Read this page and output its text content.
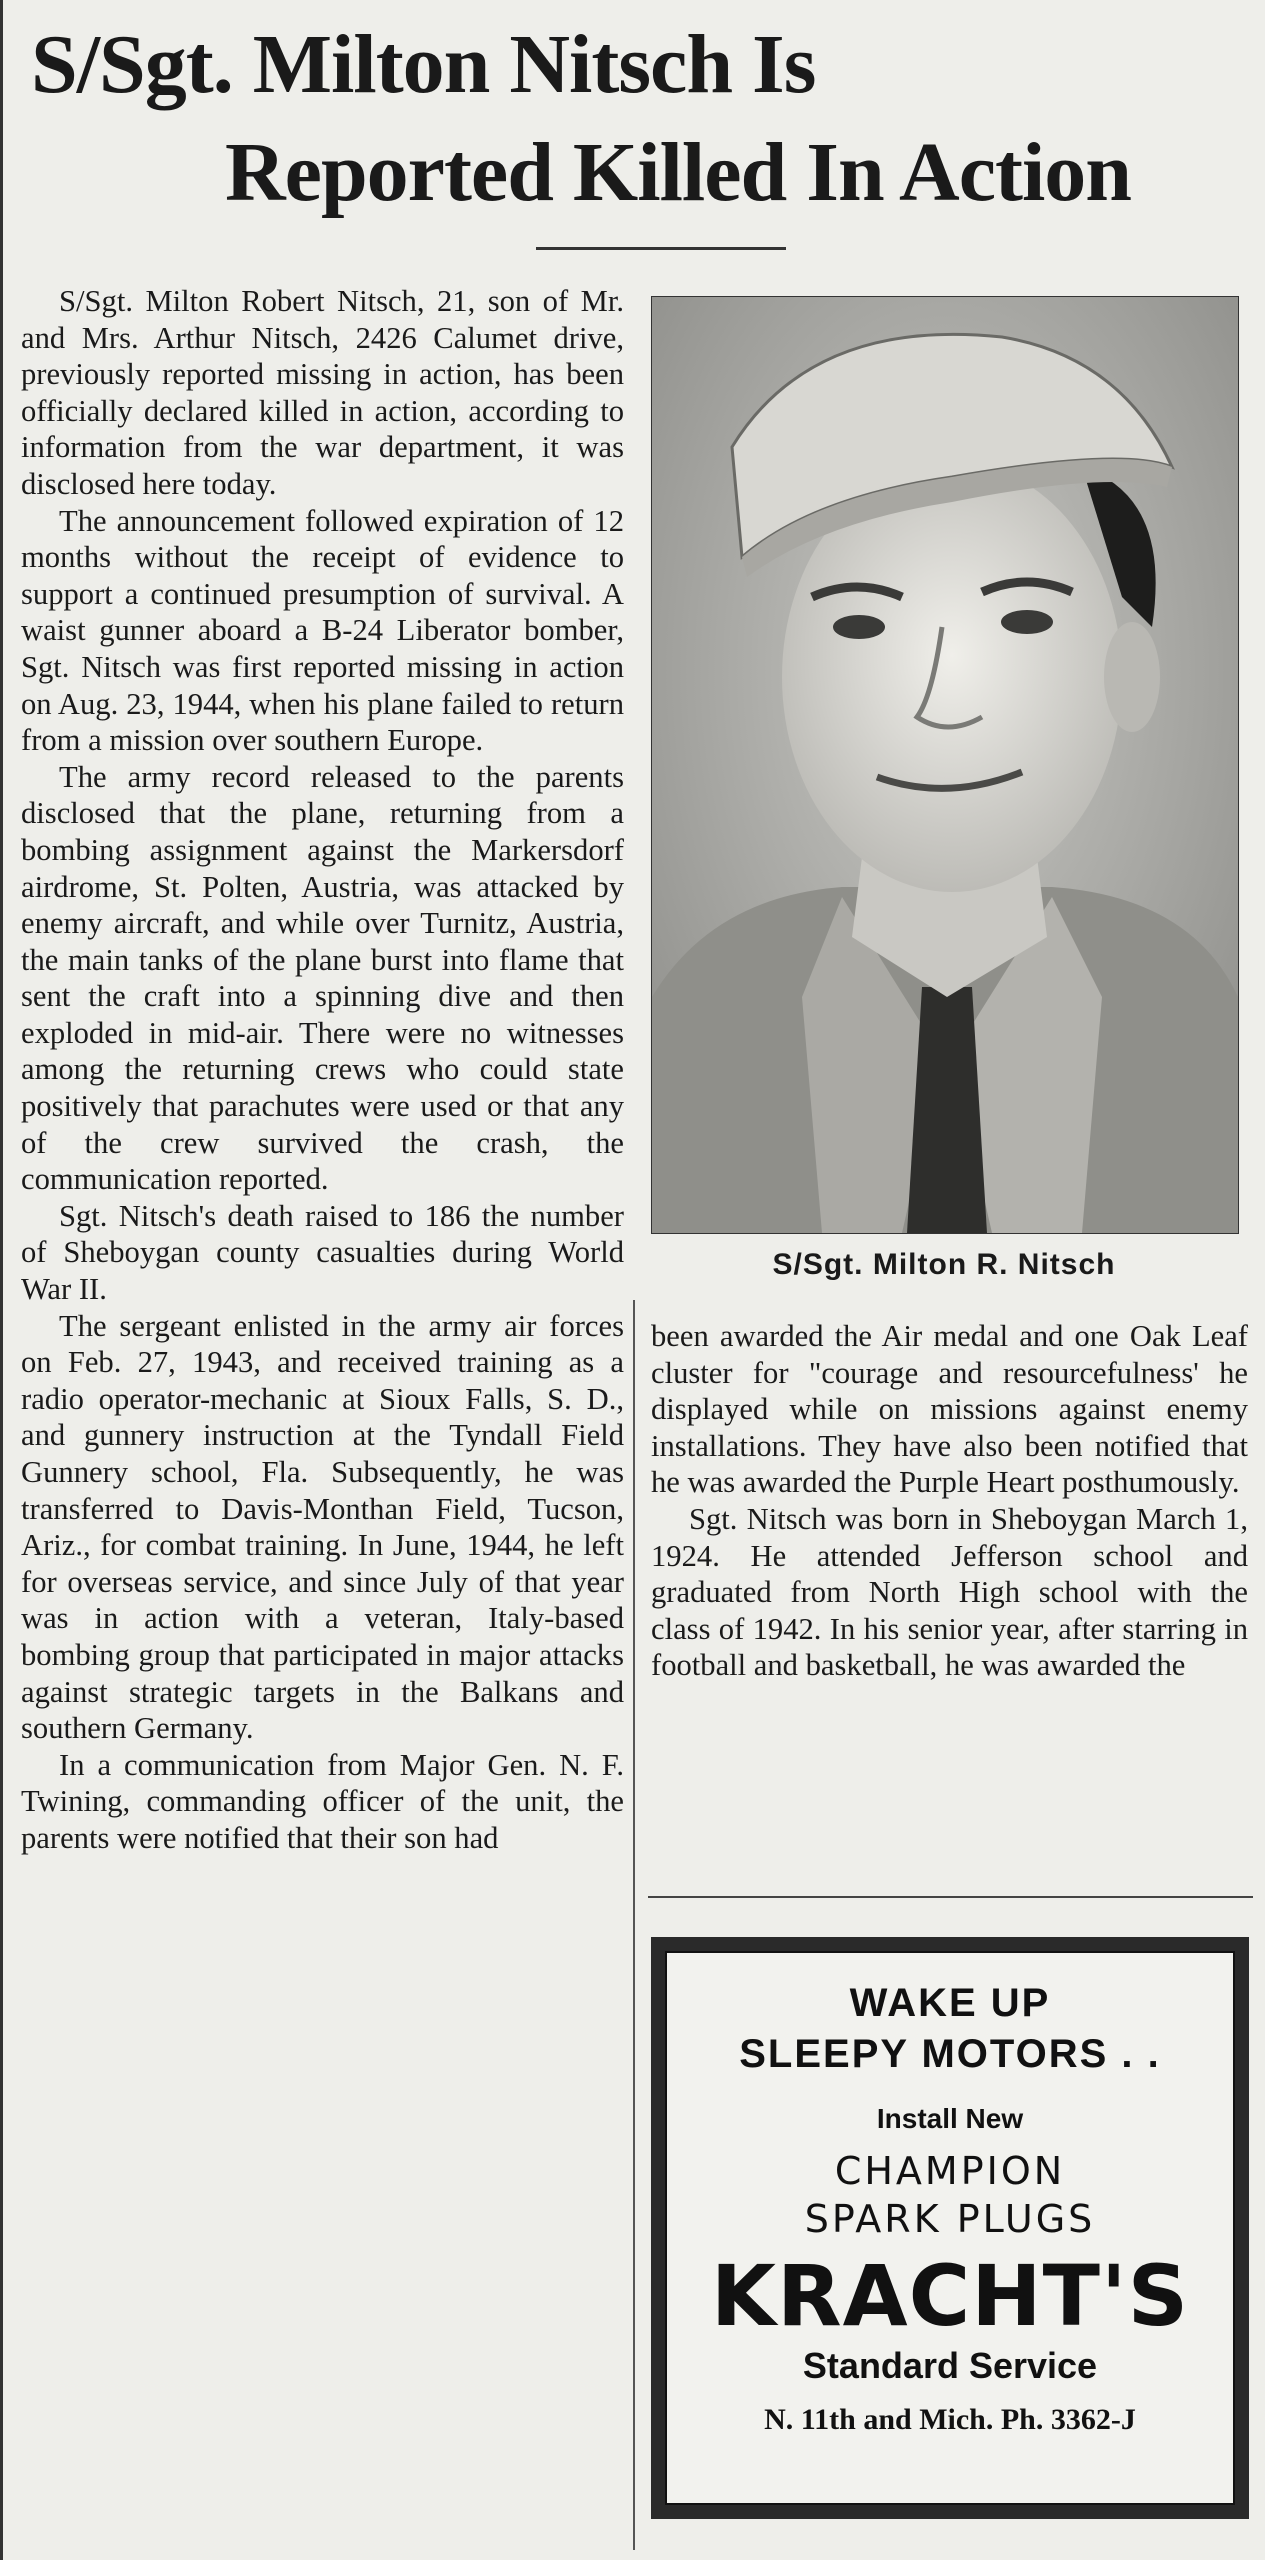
S/Sgt. Milton Nitsch Is
Reported Killed In Action

S/Sgt. Milton Robert Nitsch, 21, son of Mr. and Mrs. Arthur Nitsch, 2426 Calumet drive, previously reported missing in action, has been officially declared killed in action, according to information from the war department, it was disclosed here today.

The announcement followed expiration of 12 months without the receipt of evidence to support a continued presumption of survival. A waist gunner aboard a B-24 Liberator bomber, Sgt. Nitsch was first reported missing in action on Aug. 23, 1944, when his plane failed to return from a mission over southern Europe.

The army record released to the parents disclosed that the plane, returning from a bombing assignment against the Markersdorf airdrome, St. Polten, Austria, was attacked by enemy aircraft, and while over Turnitz, Austria, the main tanks of the plane burst into flame that sent the craft into a spinning dive and then exploded in mid-air. There were no witnesses among the returning crews who could state positively that parachutes were used or that any of the crew survived the crash, the communication reported.

Sgt. Nitsch's death raised to 186 the number of Sheboygan county casualties during World War II.

The sergeant enlisted in the army air forces on Feb. 27, 1943, and received training as a radio operator-mechanic at Sioux Falls, S. D., and gunnery instruction at the Tyndall Field Gunnery school, Fla. Subsequently, he was transferred to Davis-Monthan Field, Tucson, Ariz., for combat training. In June, 1944, he left for overseas service, and since July of that year was in action with a veteran, Italy-based bombing group that participated in major attacks against strategic targets in the Balkans and southern Germany.

In a communication from Major Gen. N. F. Twining, commanding officer of the unit, the parents were notified that their son had

S/Sgt. Milton R. Nitsch

been awarded the Air medal and one Oak Leaf cluster for "courage and resourcefulness' he displayed while on missions against enemy installations. They have also been notified that he was awarded the Purple Heart posthumously.

Sgt. Nitsch was born in Sheboygan March 1, 1924. He attended Jefferson school and graduated from North High school with the class of 1942. In his senior year, after starring in football and basketball, he was awarded the

WAKE UP
SLEEPY MOTORS . .
Install New
CHAMPION
SPARK PLUGS
KRACHT'S
Standard Service
N. 11th and Mich. Ph. 3362-J
